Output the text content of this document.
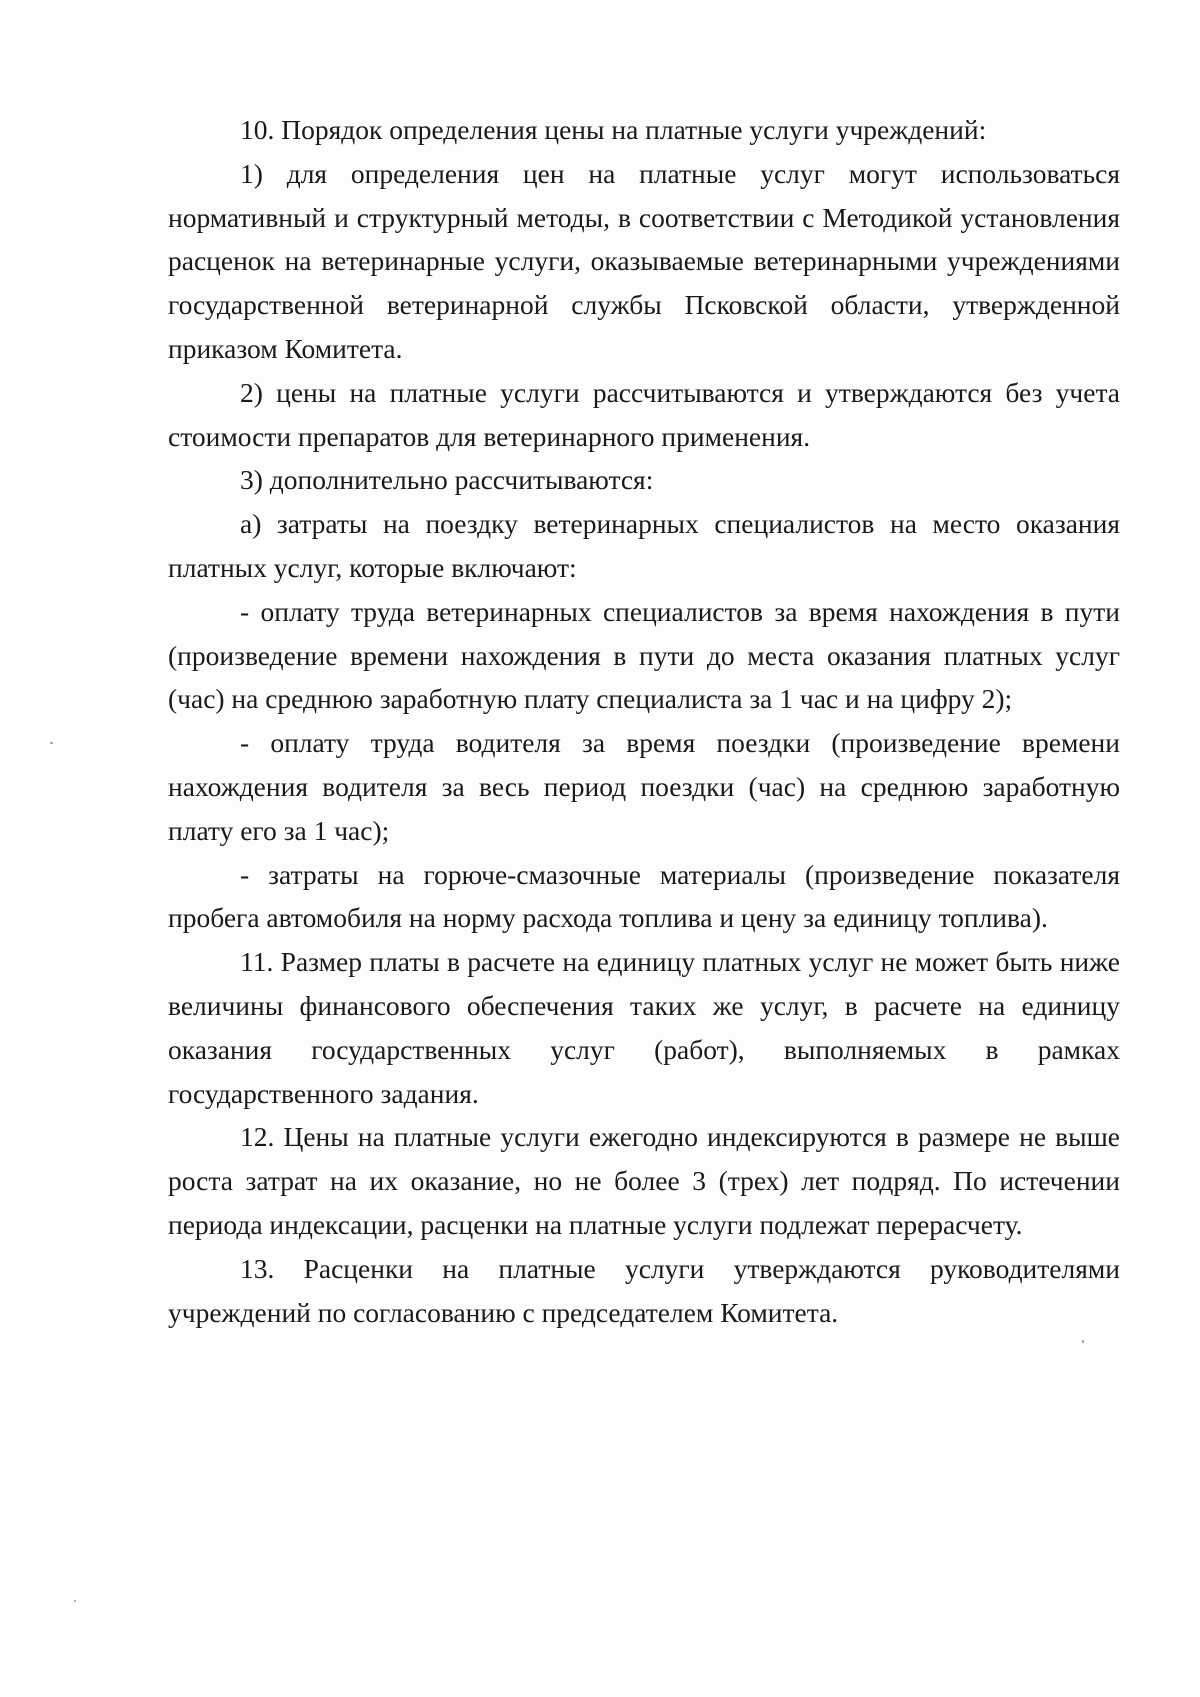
10. Порядок определения цены на платные услуги учреждений:

1) для определения цен на платные услуг могут использоваться нормативный и структурный методы, в соответствии с Методикой установления расценок на ветеринарные услуги, оказываемые ветеринарными учреждениями государственной ветеринарной службы Псковской области, утвержденной приказом Комитета.

2) цены на платные услуги рассчитываются и утверждаются без учета стоимости препаратов для ветеринарного применения.

3) дополнительно рассчитываются:

а) затраты на поездку ветеринарных специалистов на место оказания платных услуг, которые включают:

- оплату труда ветеринарных специалистов за время нахождения в пути (произведение времени нахождения в пути до места оказания платных услуг (час) на среднюю заработную плату специалиста за 1 час и на цифру 2);

- оплату труда водителя за время поездки (произведение времени нахождения водителя за весь период поездки (час) на среднюю заработную плату его за 1 час);

- затраты на горюче-смазочные материалы (произведение показателя пробега автомобиля на норму расхода топлива и цену за единицу топлива).

11. Размер платы в расчете на единицу платных услуг не может быть ниже величины финансового обеспечения таких же услуг, в расчете на единицу оказания государственных услуг (работ), выполняемых в рамках государственного задания.

12. Цены на платные услуги ежегодно индексируются в размере не выше роста затрат на их оказание, но не более 3 (трех) лет подряд. По истечении периода индексации, расценки на платные услуги подлежат перерасчету.

13. Расценки на платные услуги утверждаются руководителями учреждений по согласованию с председателем Комитета.
